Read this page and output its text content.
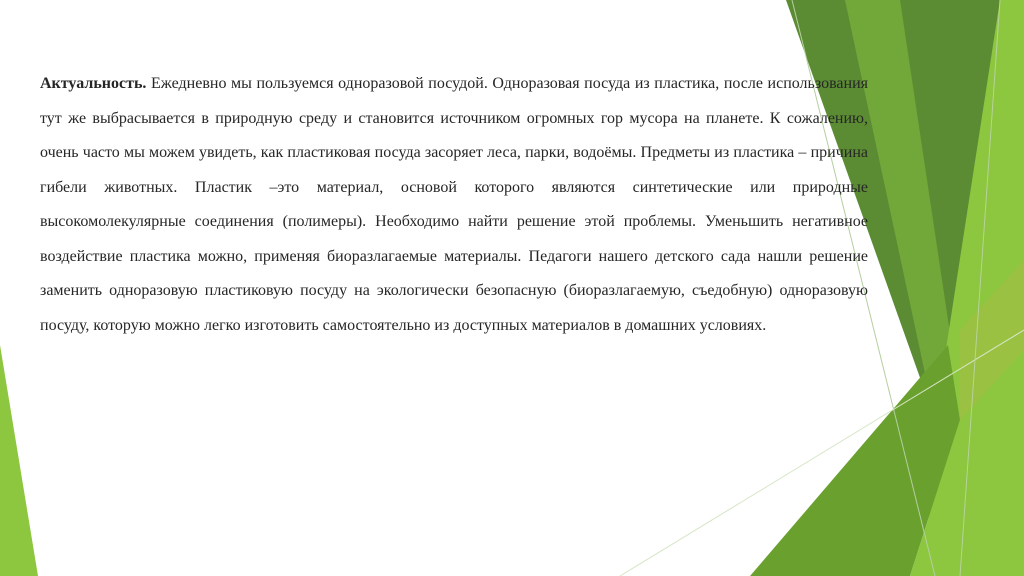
Актуальность. Ежедневно мы пользуемся одноразовой посудой. Одноразовая посуда из пластика, после использования тут же выбрасывается в природную среду и становится источником огромных гор мусора на планете. К сожалению, очень часто мы можем увидеть, как пластиковая посуда засоряет леса, парки, водоёмы. Предметы из пластика – причина гибели животных. Пластик –это материал, основой которого являются синтетические или природные высокомолекулярные соединения (полимеры). Необходимо найти решение этой проблемы. Уменьшить негативное воздействие пластика можно, применяя биоразлагаемые материалы. Педагоги нашего детского сада нашли решение заменить одноразовую пластиковую посуду на экологически безопасную (биоразлагаемую, съедобную) одноразовую посуду, которую можно легко изготовить самостоятельно из доступных материалов в домашних условиях.
